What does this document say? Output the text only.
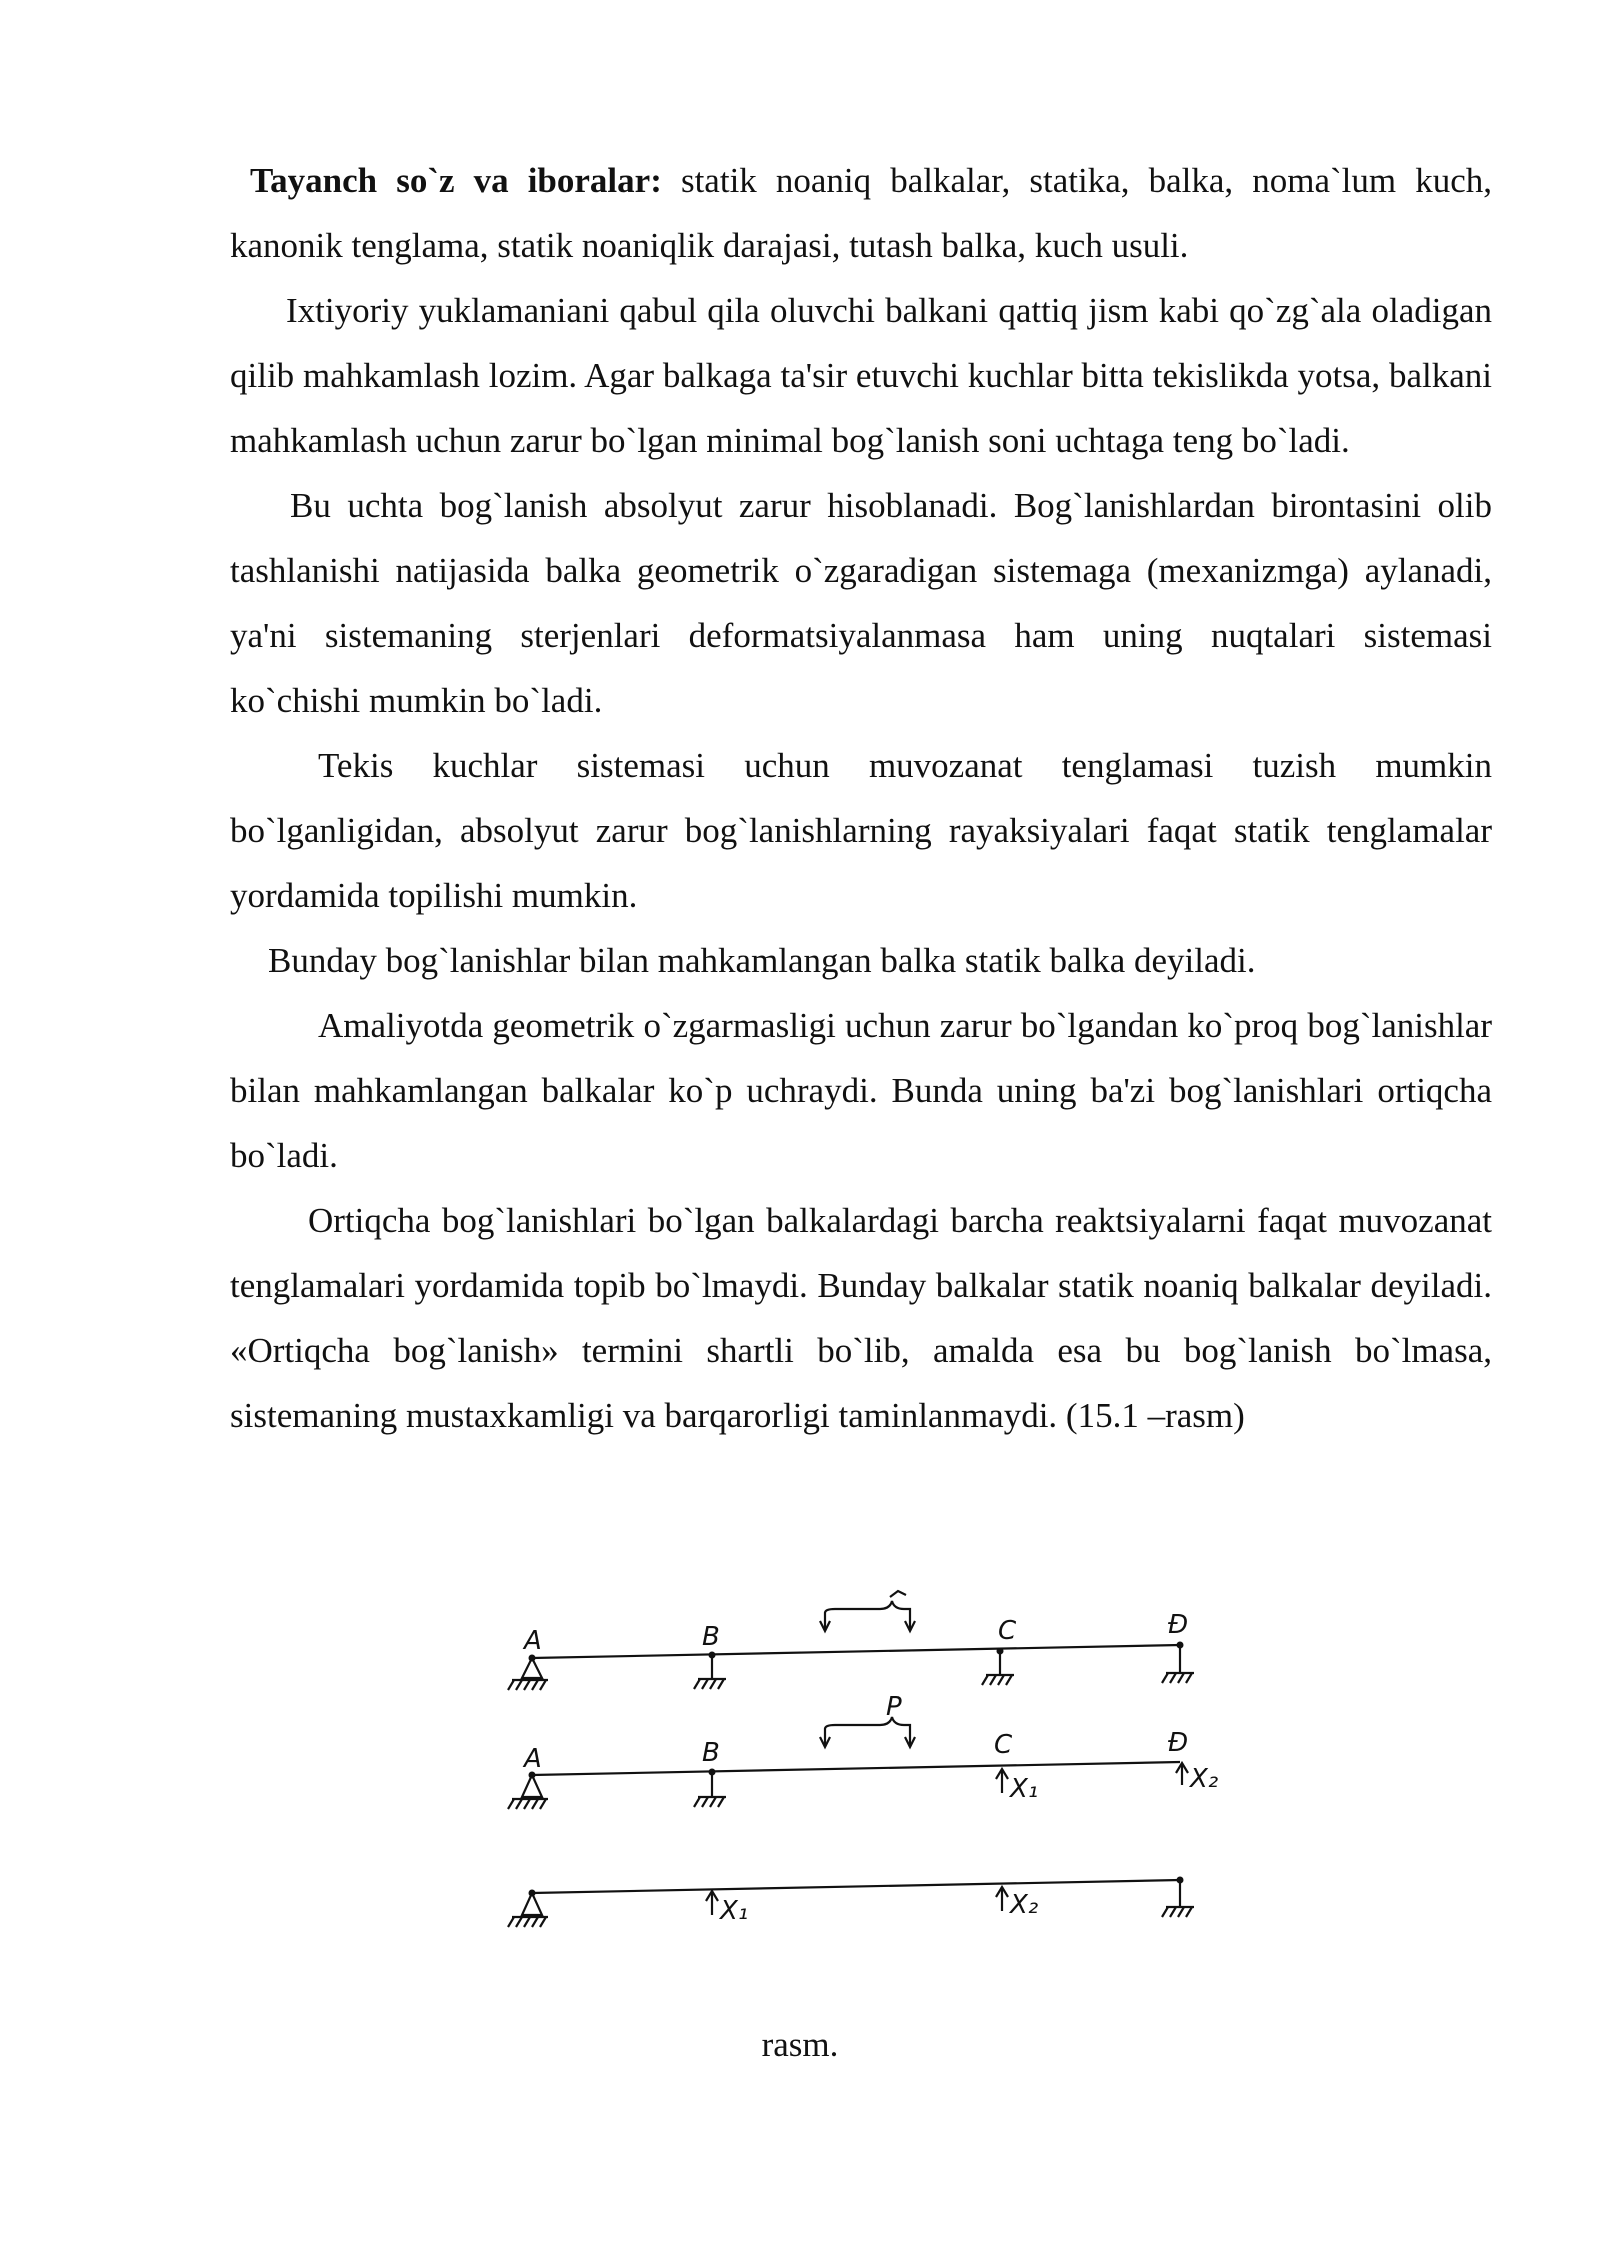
Tayanch so`z va iboralar: statik noaniq balkalar, statika, balka, noma`lum kuch, kanonik tenglama, statik noaniqlik darajasi, tutash balka, kuch usuli.

Ixtiyoriy yuklamaniani qabul qila oluvchi balkani qattiq jism kabi qo`zg`ala oladigan qilib mahkamlash lozim. Agar balkaga ta'sir etuvchi kuchlar bitta tekislikda yotsa, balkani mahkamlash uchun zarur bo`lgan minimal bog`lanish soni uchtaga teng bo`ladi.

Bu uchta bog`lanish absolyut zarur hisoblanadi. Bog`lanishlardan birontasini olib tashlanishi natijasida balka geometrik o`zgaradigan sistemaga (mexanizmga) aylanadi, ya'ni sistemaning sterjenlari deformatsiyalanmasa ham uning nuqtalari sistemasi ko`chishi mumkin bo`ladi.

Tekis kuchlar sistemasi uchun muvozanat tenglamasi tuzish mumkin bo`lganligidan, absolyut zarur bog`lanishlarning rayaksiyalari faqat statik tenglamalar yordamida topilishi mumkin.

Bunday bog`lanishlar bilan mahkamlangan balka statik balka deyiladi.

Amaliyotda geometrik o`zgarmasligi uchun zarur bo`lgandan ko`proq bog`lanishlar bilan mahkamlangan balkalar ko`p uchraydi. Bunda uning ba'zi bog`lanishlari ortiqcha bo`ladi.

Ortiqcha bog`lanishlari bo`lgan balkalardagi barcha reaktsiyalarni faqat muvozanat tenglamalari yordamida topib bo`lmaydi. Bunday balkalar statik noaniq balkalar deyiladi. «Ortiqcha bog`lanish» termini shartli bo`lib, amalda esa bu bog`lanish bo`lmasa, sistemaning mustaxkamligi va barqarorligi taminlanmaydi. (15.1 –rasm)

A	B	C	Ð
A	B	C	Ð
P
X₁	X₂
X₁	X₂
rasm.
